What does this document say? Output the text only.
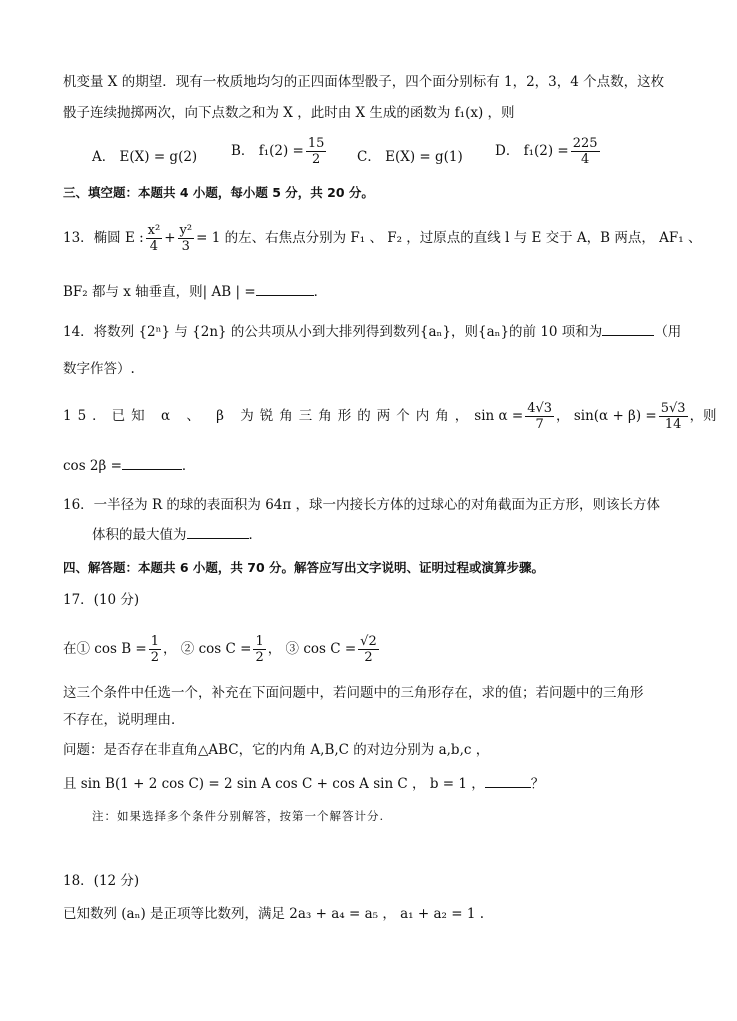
机变量 X 的期望．现有一枚质地均匀的正四面体型骰子，四个面分别标有 1，2，3，4 个点数，这枚
骰子连续抛掷两次，向下点数之和为 X ，此时由 X 生成的函数为 f₁(x) ，则
A． E(X) = g(2)	B． $f_1(2) = \frac{15}{2}$ C． E(X) = g(1) D． $f_1(2) = \frac{225}{4}$
三、填空题：本题共 4 小题，每小题 5 分，共 20 分。
13．椭圆 E : $\frac{\text{x²}}{4} + \frac{\text{y²}}{3} = 1$ 的左、右焦点分别为 F₁ 、 F₂ ，过原点的直线 l 与 E 交于 A，B 两点， AF₁ 、
BF₂ 都与 x 轴垂直，则| AB | =	．
14．将数列 {2ⁿ} 与 {2n} 的公共项从小到大排列得到数列{aₙ}，则{aₙ}的前 10 项和为	（用
数字作答）.
15．已知 α 、 β 为锐角三角形的两个内角，$\sin \alpha = \frac{4√3}{7}$ ， $\sin(\alpha + \beta) = \frac{5√3}{14}$ ，则
cos 2β =	．
16．一半径为 R 的球的表面积为 64π ，球一内接长方体的过球心的对角截面为正方形，则该长方体
体积的最大值为	．
四、解答题：本题共 6 小题，共 70 分。解答应写出文字说明、证明过程或演算步骤。
17．(10 分)
在① $\cos B = \frac{1}{2}$ ， ② $\cos C = \frac{1}{2}$ ， ③ $\cos C = \frac{√2}{2}$
这三个条件中任选一个，补充在下面问题中，若问题中的三角形存在，求的值；若问题中的三角形
不存在，说明理由．
问题：是否存在非直角△ABC，它的内角 A,B,C 的对边分别为 a,b,c ，
且 sin B(1 + 2 cos C) = 2 sin A cos C + cos A sin C ， b = 1 ，	？
注：如果选择多个条件分别解答，按第一个解答计分.
18．(12 分)
已知数列 (aₙ) 是正项等比数列，满足 2a₃ + a₄ = a₅ ， a₁ + a₂ = 1 .
